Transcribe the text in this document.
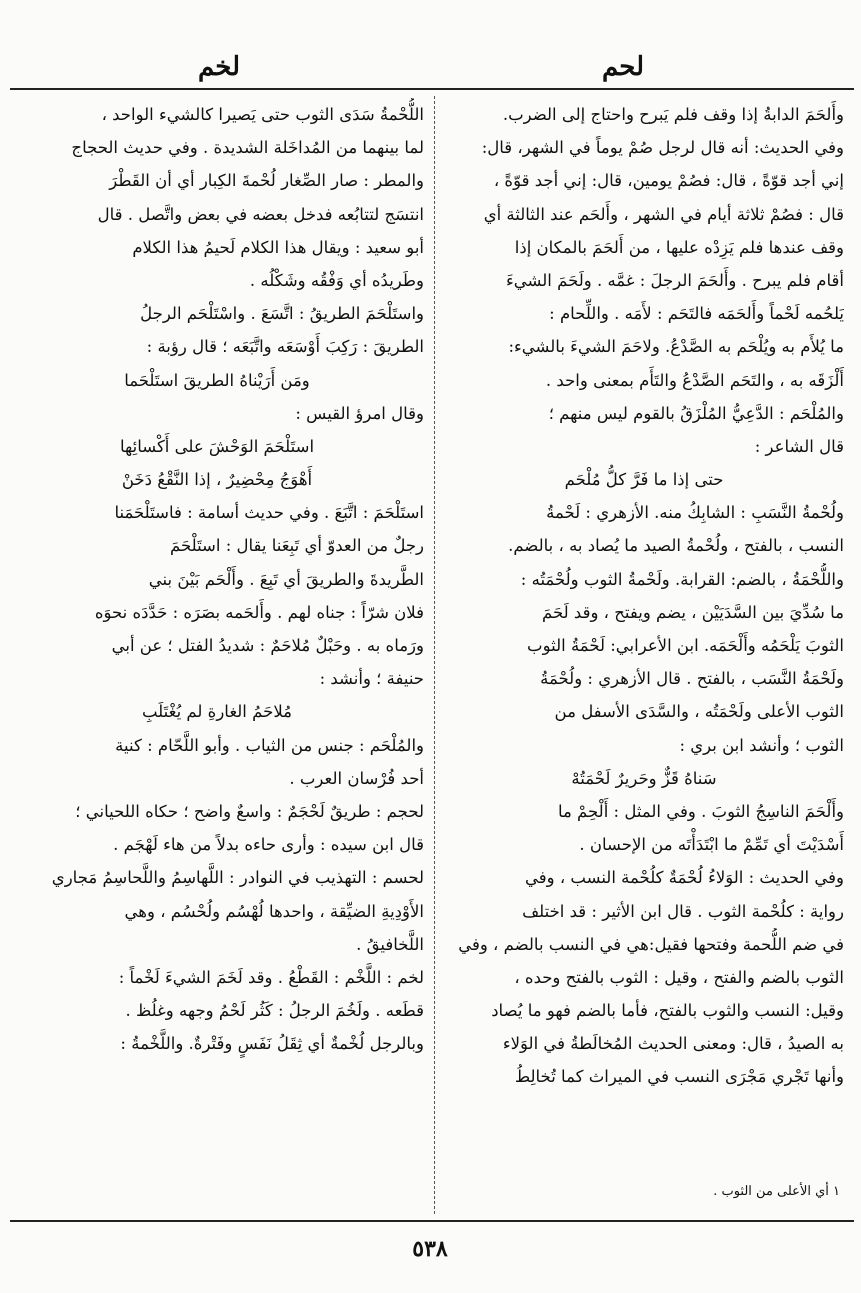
لحم
لخم
وأَلحَمَ الدابةُ إذا وقف فلم يَبرح واحتاج إلى الضرب.
وفي الحديث: أنه قال لرجل صُمْ يوماً في الشهر، قال:
إني أجد قوّةً ، قال: فصُمْ يومين، قال: إني أجد قوّةً ،
قال : فصُمْ ثلاثة أيام في الشهر ، وأَلحَم عند الثالثة أي
وقف عندها فلم يَزِدْه عليها ، من أَلحَمَ بالمكان إذا
أقام فلم يبرح . وأَلحَمَ الرجلَ : غمَّه . ولَحَمَ الشيءَ
يَلحُمه لَحْماً وأَلحَمَه فالتَحَم : لأَمَه . واللِّحام :
ما يُلأَم به ويُلْحَم به الصَّدْعُ. ولاحَمَ الشيءَ بالشيء:
أَلْزَقَه به ، والتَحَم الصَّدْعُ والتَأَم بمعنى واحد .
والمُلْحَم : الدَّعِيُّ المُلْزَقُ بالقوم ليس منهم ؛
قال الشاعر :
حتى إذا ما فَرَّ كلُّ مُلْحَم
ولُحْمةُ النَّسَبِ : الشابِكُ منه. الأزهري : لَحْمةُ
النسب ، بالفتح ، ولُحْمةُ الصيد ما يُصاد به ، بالضم.
واللُّحْمَةُ ، بالضم: القرابة. ولَحْمةُ الثوب ولُحْمَتُه :
ما سُدِّيَ بين السَّدَيَيْن ، يضم ويفتح ، وقد لَحَمَ
الثوبَ يَلْحَمُه وأَلْحَمَه. ابن الأعرابي: لَحْمَةُ الثوب
ولَحْمَةُ النَّسَب ، بالفتح . قال الأزهري : ولُحْمَةُ
الثوب الأعلى ولَحْمَتُه ، والسَّدَى الأسفل من
الثوب ؛ وأنشد ابن بري :
سَناهُ قَزٌّ وحَريرٌ لَحْمَتُهْ
وأَلْحَمَ الناسِجُ الثوبَ . وفي المثل : أَلْحِمْ ما
أَسْدَيْتَ أي تَمِّمْ ما ابْتَدَأْتَه من الإحسان .
وفي الحديث : الوَلاءُ لُحْمَةٌ كلُحْمة النسب ، وفي
رواية : كلُحْمة الثوب . قال ابن الأثير : قد اختلف
في ضم اللُّحمة وفتحها فقيل:هي في النسب بالضم ، وفي
الثوب بالضم والفتح ، وقيل : الثوب بالفتح وحده ،
وقيل: النسب والثوب بالفتح، فأما بالضم فهو ما يُصاد
به الصيدُ ، قال: ومعنى الحديث المُخالَطةُ في الوَلاء
وأنها تَجْري مَجْرَى النسب في الميراث كما تُخالِطُ
اللُّحْمةُ سَدَى الثوب حتى يَصيرا كالشيء الواحد ،
لما بينهما من المُداخَلة الشديدة . وفي حديث الحجاج
والمطر : صار الصِّغار لُحْمةَ الكِبار أي أن القَطْرَ
انتسَج لتتابُعه فدخل بعضه في بعض واتَّصل . قال
أبو سعيد : ويقال هذا الكلام لَحيمُ هذا الكلام
وطَريدُه أي وَفْقُه وشَكْلُه .
واستَلْحَمَ الطريقُ : اتَّسَعَ . واسْتَلْحَم الرجلُ
الطريقَ : رَكِبَ أَوْسَعَه واتَّبَعَه ؛ قال رؤبة :
ومَن أَرَيْناهُ الطريقَ استَلْحَما
وقال امرؤ القيس :
استَلْحَمَ الوَحْشَ على أَكْسائِها
أَهْوَجُ مِحْضِيرٌ ، إذا النَّقْعُ دَخَنْ
استَلْحَمَ : اتَّبَعَ . وفي حديث أسامة : فاستَلْحَمَنا
رجلٌ من العدوّ أي تَبِعَنا يقال : استَلْحَمَ
الطَّريدةَ والطريقَ أي تَبِعَ . وأَلْحَم بَيْنَ بني
فلان شرّاً : جناه لهم . وأَلحَمه بصَرَه : حَدَّدَه نحوَه
ورَماه به . وحَبْلٌ مُلاحَمٌ : شديدُ الفتل ؛ عن أبي
حنيفة ؛ وأنشد :
مُلاحَمُ الغارةِ لم يُغْتَلَبِ
والمُلْحَم : جنس من الثياب . وأبو اللَّحّام : كنية
أحد فُرْسان العرب .
لحجم : طريقٌ لَحْجَمٌ : واسعٌ واضح ؛ حكاه اللحياني ؛
قال ابن سيده : وأرى حاءه بدلاً من هاء لَهْجَم .
لحسم : التهذيب في النوادر : اللَّهاسِمُ واللَّحاسِمُ مَجاري
الأَوْدِيةِ الضيِّقة ، واحدها لُهْسُم ولُحْسُم ، وهي
اللَّخافيقُ .
لخم : اللَّخْم : القَطْعُ . وقد لَخَمَ الشيءَ لَخْماً :
قطَعه . ولَخُمَ الرجلُ : كَثُر لَحْمُ وجهه وغلُظ .
وبالرجل لُخْمةٌ أي ثِقَلُ نَفَسٍ وفَتْرةٌ. واللَّخْمةُ :
١ أي الأعلى من الثوب .
٥٣٨
